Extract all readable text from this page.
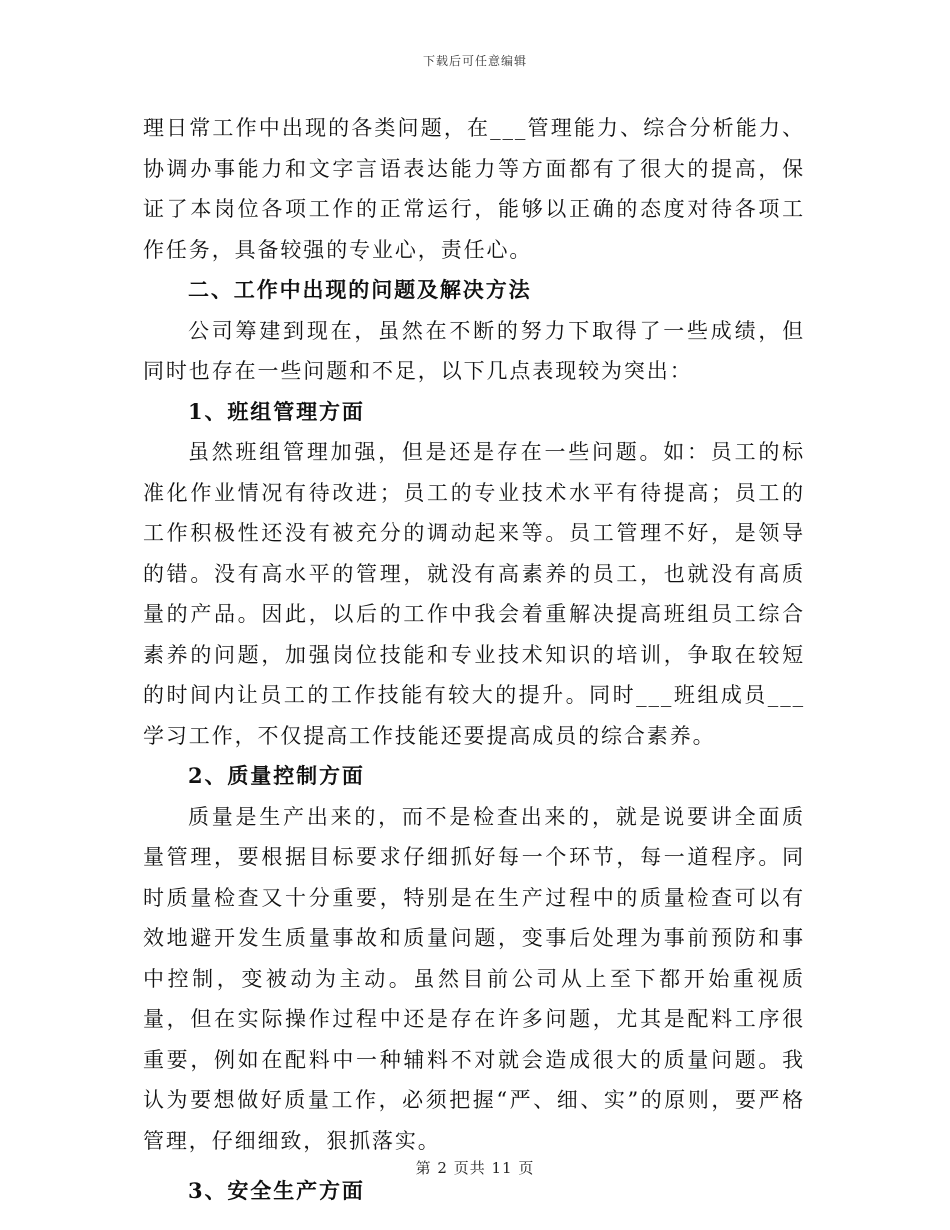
下载后可任意编辑

理日常工作中出现的各类问题，在___管理能力、综合分析能力、协调办事能力和文字言语表达能力等方面都有了很大的提高，保证了本岗位各项工作的正常运行，能够以正确的态度对待各项工作任务，具备较强的专业心，责任心。

二、工作中出现的问题及解决方法

公司筹建到现在，虽然在不断的努力下取得了一些成绩，但同时也存在一些问题和不足，以下几点表现较为突出：

1、班组管理方面

虽然班组管理加强，但是还是存在一些问题。如：员工的标准化作业情况有待改进；员工的专业技术水平有待提高；员工的工作积极性还没有被充分的调动起来等。员工管理不好，是领导的错。没有高水平的管理，就没有高素养的员工，也就没有高质量的产品。因此，以后的工作中我会着重解决提高班组员工综合素养的问题，加强岗位技能和专业技术知识的培训，争取在较短的时间内让员工的工作技能有较大的提升。同时___班组成员___学习工作，不仅提高工作技能还要提高成员的综合素养。

2、质量控制方面

质量是生产出来的，而不是检查出来的，就是说要讲全面质量管理，要根据目标要求仔细抓好每一个环节，每一道程序。同时质量检查又十分重要，特别是在生产过程中的质量检查可以有效地避开发生质量事故和质量问题，变事后处理为事前预防和事中控制，变被动为主动。虽然目前公司从上至下都开始重视质量，但在实际操作过程中还是存在许多问题，尤其是配料工序很重要，例如在配料中一种辅料不对就会造成很大的质量问题。我认为要想做好质量工作，必须把握“严、细、实”的原则，要严格管理，仔细细致，狠抓落实。

3、安全生产方面

第 2 页共 11 页
